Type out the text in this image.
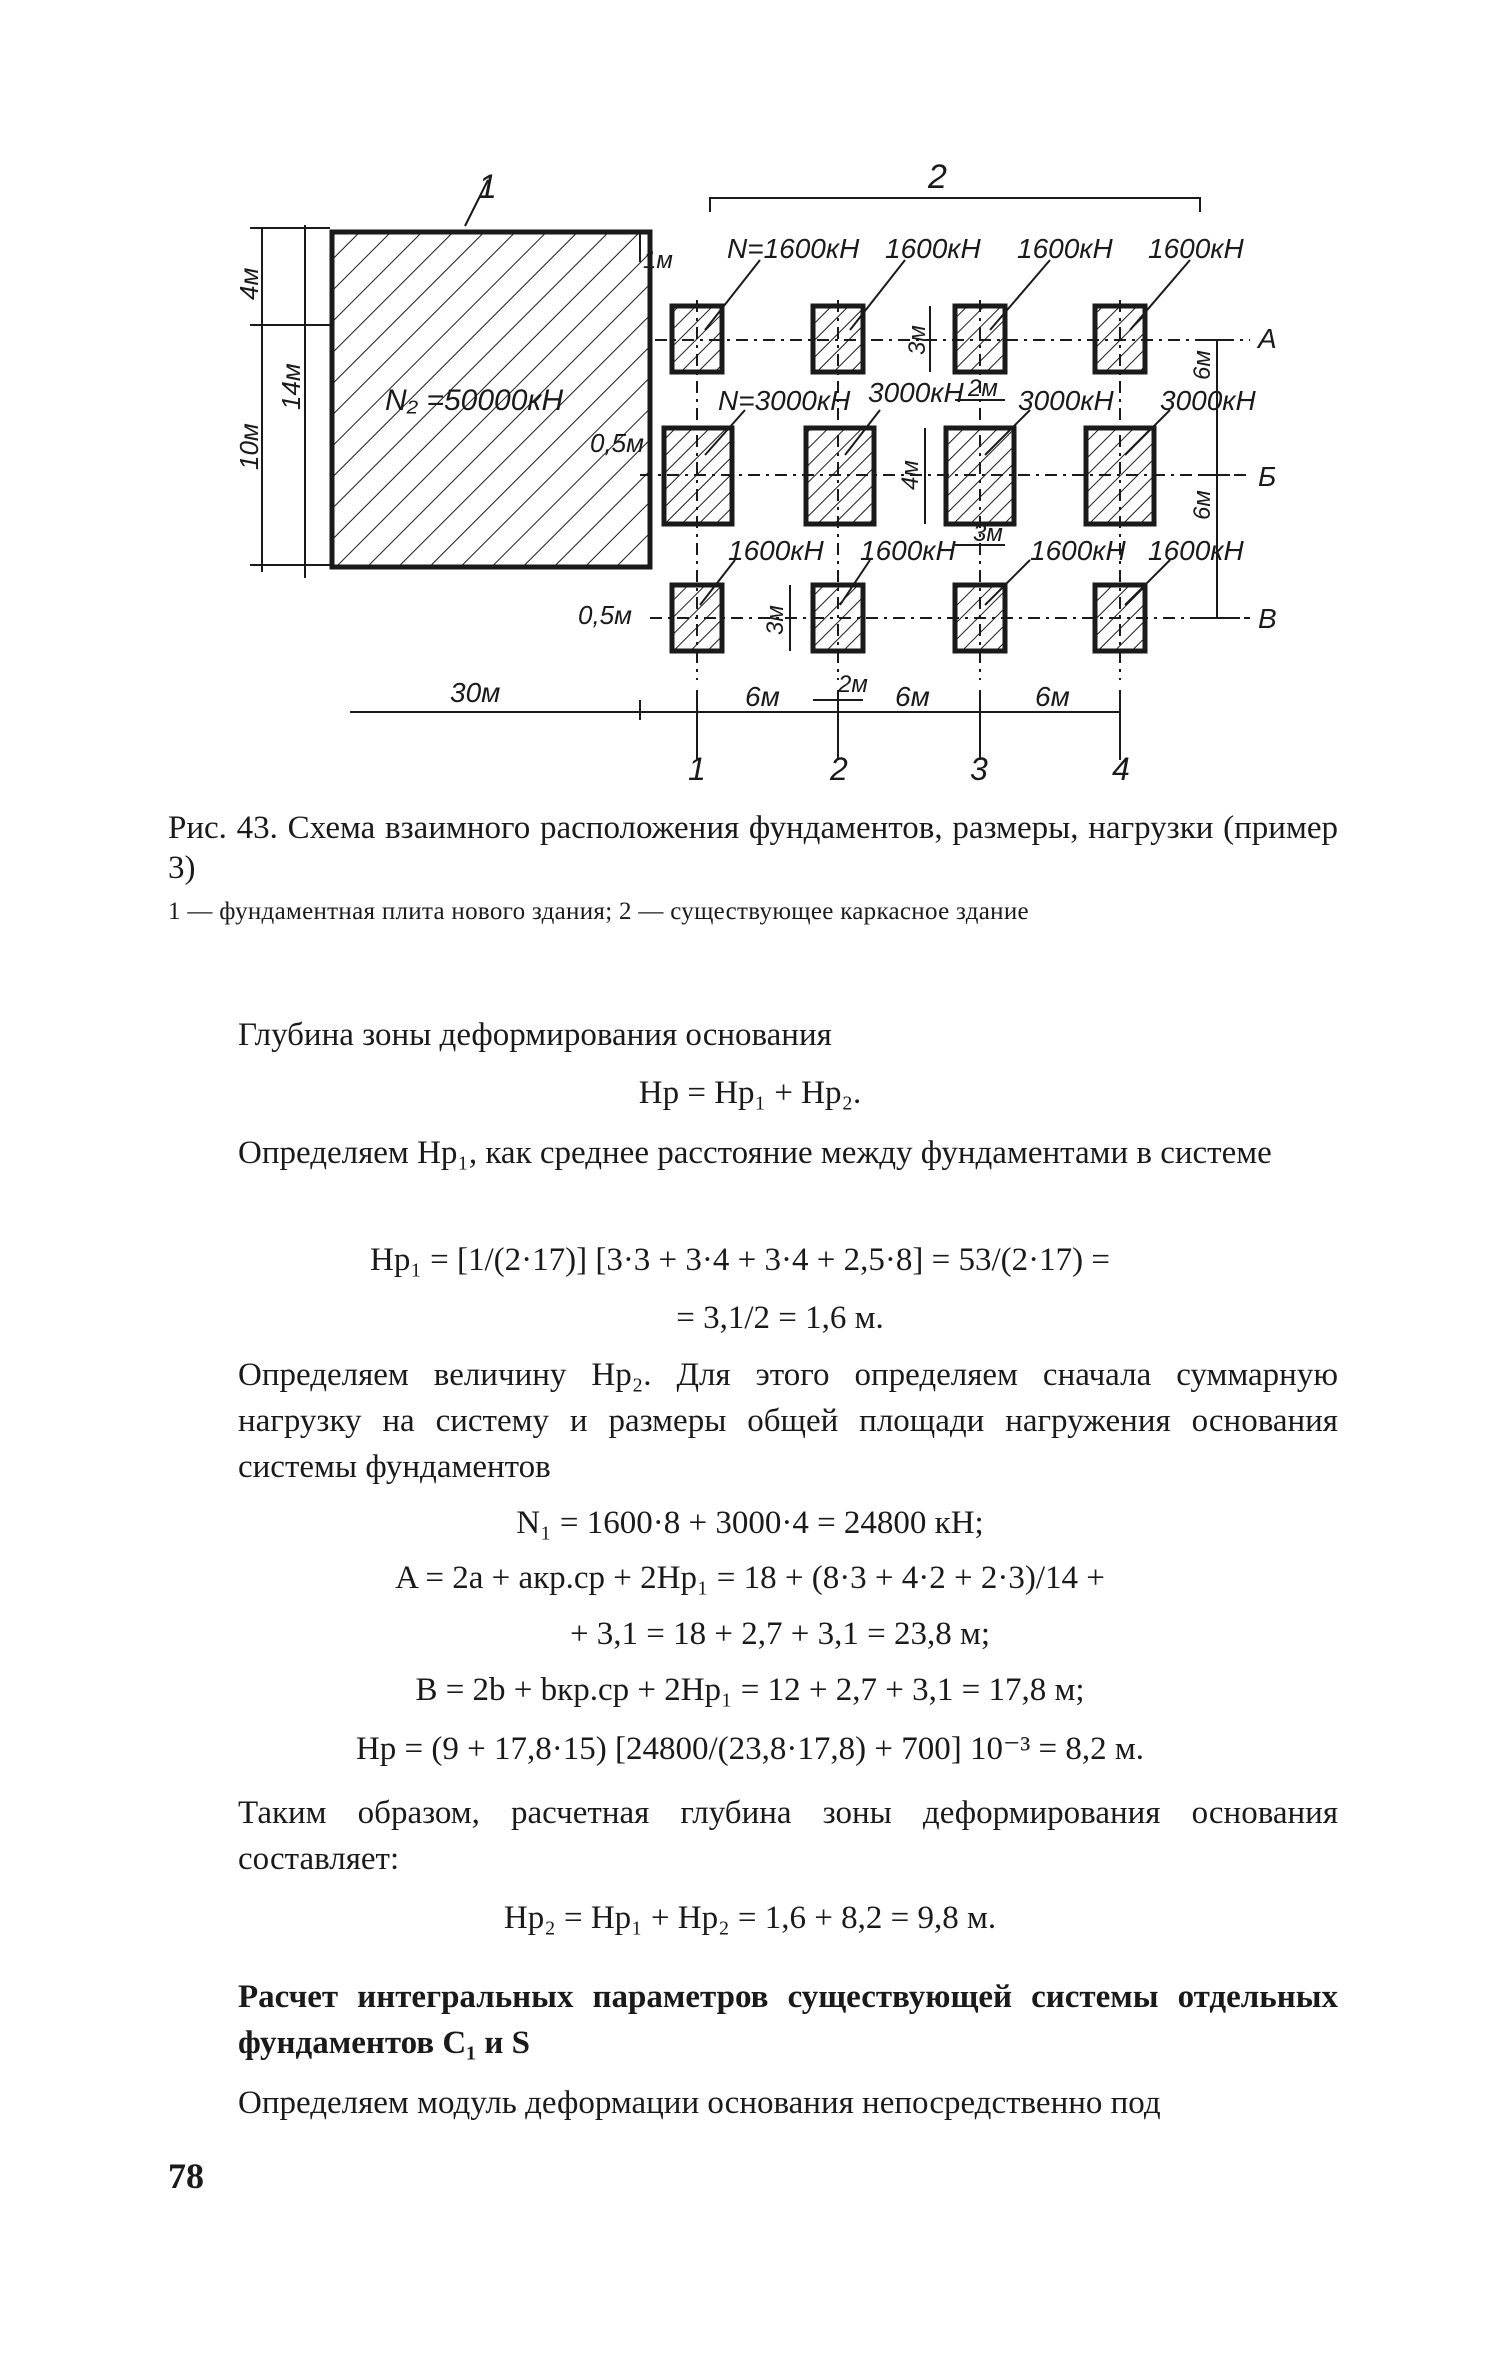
1	2
N=1600кН 1600кН 1600кН 1600кН
N=3000кН 3000кН 3000кН 3000кН
1600кН 1600кН	1600кН 1600кН
N₂ =50000кН
4м
14м
10м
1м
0,5м
0,5м
3м
4м
3м
2м
3м
2м
6м
6м
30м	6м	6м	6м
А
Б
В
1	2	3	4
Рис. 43. Схема взаимного расположения фундаментов, размеры, нагрузки (пример 3)
1 — фундаментная плита нового здания; 2 — существующее каркасное здание
Глубина зоны деформирования основания
Hр = Hр₁ + Hр₂.
Определяем Hр₁, как среднее расстояние между фундаментами в системе
Hр₁ = [1/(2·17)] [3·3 + 3·4 + 3·4 + 2,5·8] = 53/(2·17) =
= 3,1/2 = 1,6 м.
Определяем величину Hр₂. Для этого определяем сначала суммарную нагрузку на систему и размеры общей площади нагружения основания системы фундаментов
N₁ = 1600·8 + 3000·4 = 24800 кН;
A = 2a + aкр.ср + 2Hр₁ = 18 + (8·3 + 4·2 + 2·3)/14 +
+ 3,1 = 18 + 2,7 + 3,1 = 23,8 м;
B = 2b + bкр.ср + 2Hр₁ = 12 + 2,7 + 3,1 = 17,8 м;
Hр = (9 + 17,8·15) [24800/(23,8·17,8) + 700] 10⁻³ = 8,2 м.
Таким образом, расчетная глубина зоны деформирования основания составляет:
Hр₂ = Hр₁ + Hр₂ = 1,6 + 8,2 = 9,8 м.
Расчет интегральных параметров существующей системы отдельных фундаментов C₁ и S
Определяем модуль деформации основания непосредственно под
78
